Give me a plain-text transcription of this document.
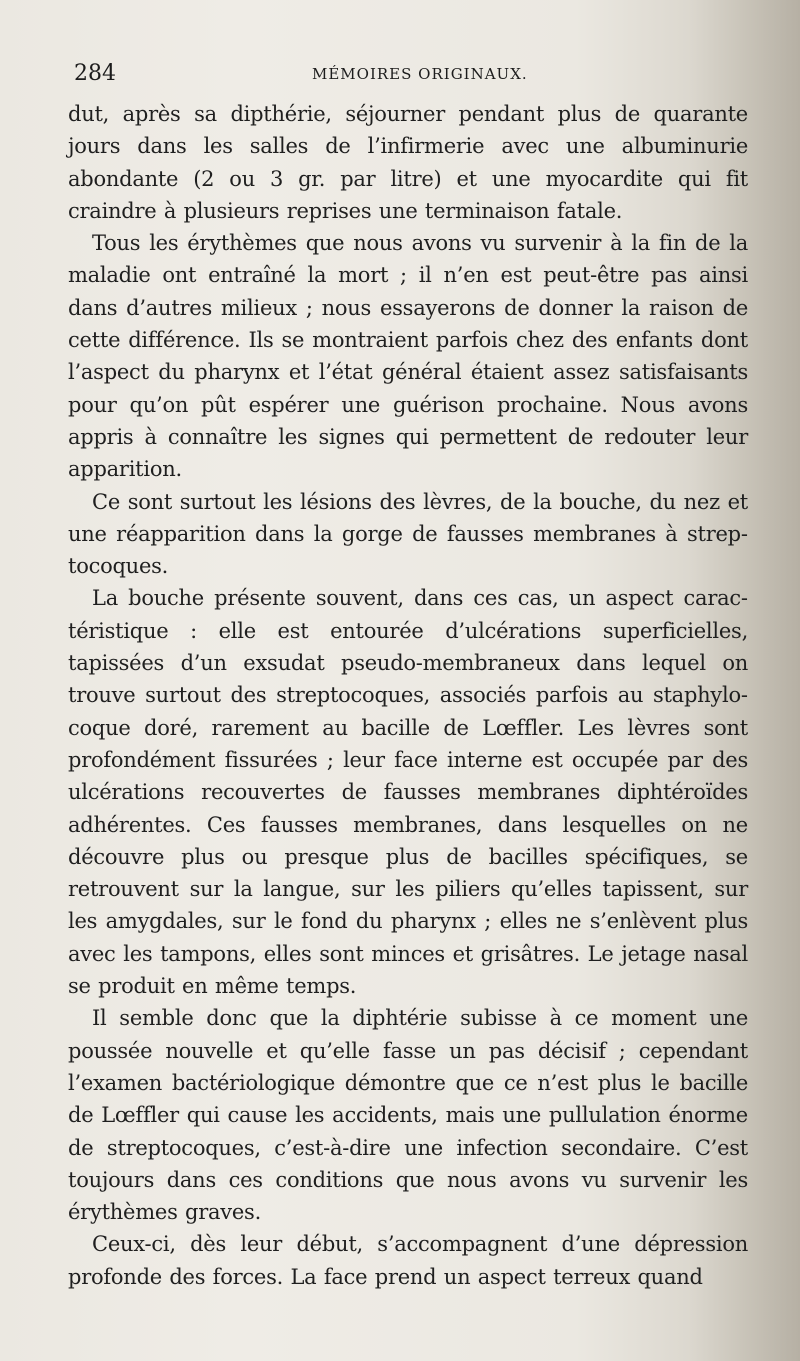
284	MÉMOIRES ORIGINAUX.

dut, après sa dipthérie, séjourner pendant plus de quarante jours dans les salles de l’infirmerie avec une albuminurie abondante (2 ou 3 gr. par litre) et une myocardite qui fit craindre à plusieurs reprises une terminaison fatale.

Tous les érythèmes que nous avons vu survenir à la fin de la maladie ont entraîné la mort ; il n’en est peut-être pas ainsi dans d’autres milieux ; nous essayerons de donner la raison de cette différence. Ils se montraient parfois chez des enfants dont l’aspect du pharynx et l’état général étaient assez satisfaisants pour qu’on pût espérer une guérison prochaine. Nous avons appris à connaître les signes qui permettent de redouter leur apparition.

Ce sont surtout les lésions des lèvres, de la bouche, du nez et une réapparition dans la gorge de fausses membranes à streptocoques.

La bouche présente souvent, dans ces cas, un aspect caractéristique : elle est entourée d’ulcérations superficielles, tapissées d’un exsudat pseudo-membraneux dans lequel on trouve surtout des streptocoques, associés parfois au staphylocoque doré, rarement au bacille de Lœffler. Les lèvres sont profondément fissurées ; leur face interne est occupée par des ulcérations recouvertes de fausses membranes diphtéroïdes adhérentes. Ces fausses membranes, dans lesquelles on ne découvre plus ou presque plus de bacilles spécifiques, se retrouvent sur la langue, sur les piliers qu’elles tapissent, sur les amygdales, sur le fond du pharynx ; elles ne s’enlèvent plus avec les tampons, elles sont minces et grisâtres. Le jetage nasal se produit en même temps.

Il semble donc que la diphtérie subisse à ce moment une poussée nouvelle et qu’elle fasse un pas décisif ; cependant l’examen bactériologique démontre que ce n’est plus le bacille de Lœffler qui cause les accidents, mais une pullulation énorme de streptocoques, c’est-à-dire une infection secondaire. C’est toujours dans ces conditions que nous avons vu survenir les érythèmes graves.

Ceux-ci, dès leur début, s’accompagnent d’une dépression profonde des forces. La face prend un aspect terreux quand
